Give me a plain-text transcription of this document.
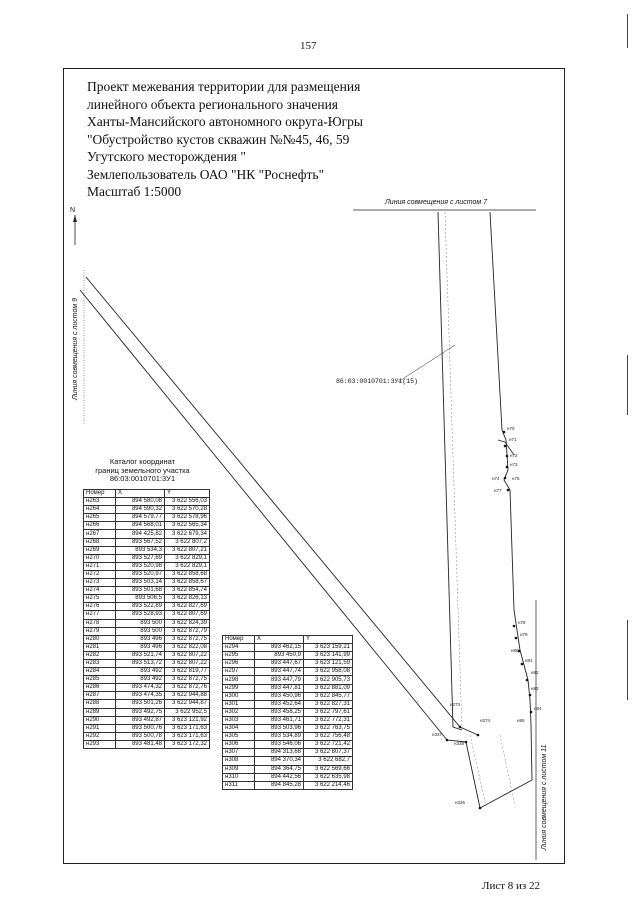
157
Проект межевания территории для размещения
линейного объекта регионального значения
Ханты-Мансийского автономного округа-Югры
"Обустройство кустов скважин №№45, 46, 59
Угутского месторождения "
Землепользователь ОАО "НК "Роснефть"
Масштаб 1:5000
н70
н71
н72
н73
н74	н75
н77
н78
н79
н80
н81
н82
н83
н84
н85
н273
н274
н337
н338
н336
Линия совмещения с листом 7
N
Линия совмещения с листом 9
Линия совмещения с листом 11
86:03:0010701:3У1(15)
Каталог координат
границ земельного участка
86:03:0010701:3У1
Номер	X	Y
н263	894 580,08	3 622 556,03
н264	894 590,32	3 622 570,28
н265	894 579,77	3 622 578,96
н266	894 568,01	3 622 565,34
н267	894 425,82	3 622 679,34
н268	893 567,52	3 622 807,2
н269	893 534,3	3 622 807,21
н270	893 527,69	3 622 829,1
н271	893 520,98	3 622 829,1
н272	893 520,97	3 622 858,68
н273	893 503,14	3 622 858,67
н274	893 501,68	3 622 854,74
н275	893 506,5	3 622 826,13
н276	893 522,89	3 622 827,69
н277	893 528,93	3 622 807,69
н278	893 500	3 622 824,39
н279	893 500	3 622 872,79
н280	893 496	3 622 872,75
н281	893 496	3 622 822,08
н282	893 521,74	3 622 807,22
н283	893 513,72	3 622 807,22
н284	893 492	3 622 819,77
н285	893 492	3 622 872,75
н286	893 474,32	3 622 872,76
н287	893 474,35	3 622 944,88
н288	893 501,26	3 622 944,87
н289	893 492,75	3 622 952,5
н290	893 492,87	3 623 121,92
н291	893 500,76	3 623 171,63
н292	893 500,78	3 623 171,63
н293	893 481,48	3 623 172,32
Номер	X	Y
н294	893 462,15	3 623 159,21
н295	893 450,9	3 623 141,99
н296	893 447,67	3 623 121,59
н297	893 447,74	3 622 958,08
н298	893 447,79	3 622 905,73
н299	893 447,81	3 622 881,09
н300	893 450,96	3 622 845,77
н301	893 452,64	3 622 827,31
н302	893 458,25	3 622 797,61
н303	893 461,71	3 622 772,31
н304	893 503,96	3 622 763,75
н305	893 534,89	3 622 756,48
н306	893 546,06	3 622 721,42
н307	894 313,68	3 622 807,37
н308	894 370,34	3 622 682,7
н309	894 364,75	3 622 569,66
н310	894 442,56	3 622 635,98
н311	894 845,28	3 622 214,46
Лист 8 из 22
